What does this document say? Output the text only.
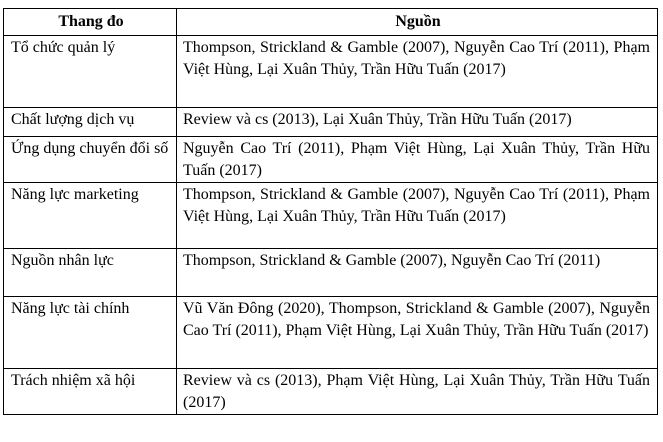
Thang đo	Nguồn
Tổ chức quản lý	Thompson, Strickland & Gamble (2007), Nguyễn Cao Trí (2011), Phạm Việt Hùng, Lại Xuân Thủy, Trần Hữu Tuấn (2017)
Chất lượng dịch vụ	Review và cs (2013), Lại Xuân Thủy, Trần Hữu Tuấn (2017)
Ứng dụng chuyển đổi số	Nguyễn Cao Trí (2011), Phạm Việt Hùng, Lại Xuân Thủy, Trần Hữu Tuấn (2017)
Năng lực marketing	Thompson, Strickland & Gamble (2007), Nguyễn Cao Trí (2011), Phạm Việt Hùng, Lại Xuân Thủy, Trần Hữu Tuấn (2017)
Nguồn nhân lực	Thompson, Strickland & Gamble (2007), Nguyễn Cao Trí (2011)
Năng lực tài chính	Vũ Văn Đông (2020), Thompson, Strickland & Gamble (2007), Nguyễn Cao Trí (2011), Phạm Việt Hùng, Lại Xuân Thủy, Trần Hữu Tuấn (2017)
Trách nhiệm xã hội	Review và cs (2013), Phạm Việt Hùng, Lại Xuân Thủy, Trần Hữu Tuấn (2017)
